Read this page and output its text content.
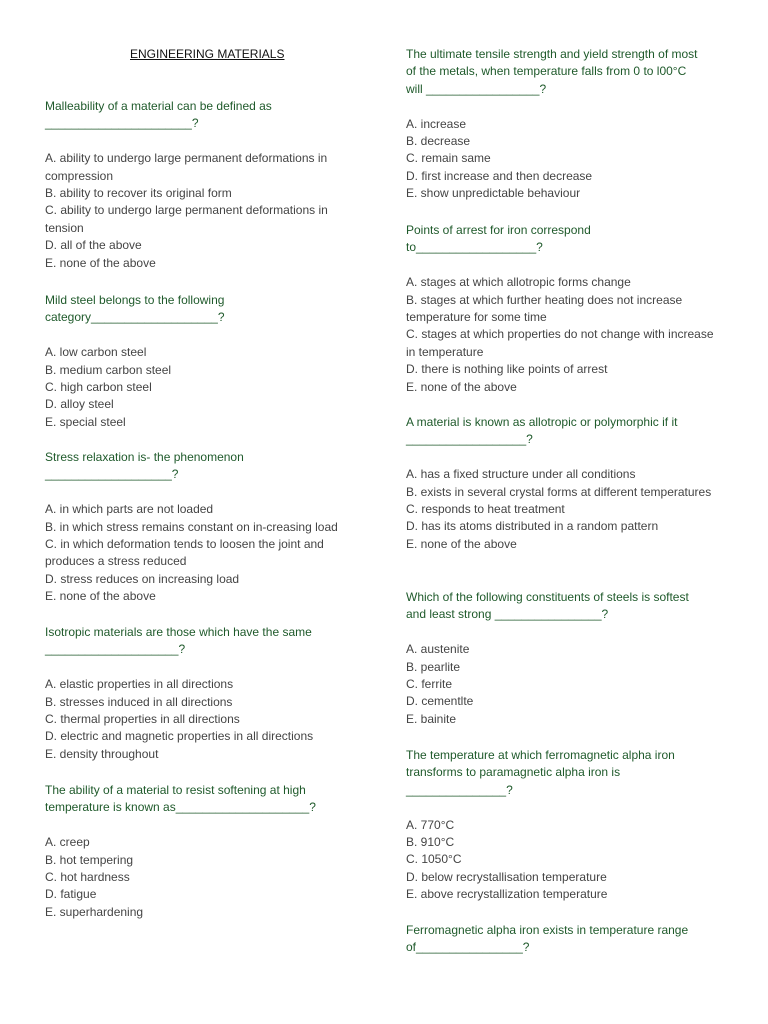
ENGINEERING MATERIALS

Malleability of a material can be defined as
______________________?

A. ability to undergo large permanent deformations in compression
B. ability to recover its original form
C. ability to undergo large permanent deformations in tension
D. all of the above
E. none of the above

Mild steel belongs to the following
category___________________?

A. low carbon steel
B. medium carbon steel
C. high carbon steel
D. alloy steel
E. special steel

Stress relaxation is- the phenomenon
___________________?

A. in which parts are not loaded
B. in which stress remains constant on in-creasing load
C. in which deformation tends to loosen the joint and produces a stress reduced
D. stress reduces on increasing load
E. none of the above

Isotropic materials are those which have the same
____________________?

A. elastic properties in all directions
B. stresses induced in all directions
C. thermal properties in all directions
D. electric and magnetic properties in all directions
E. density throughout

The ability of a material to resist softening at high
temperature is known as____________________?

A. creep
B. hot tempering
C. hot hardness
D. fatigue
E. superhardening

The ultimate tensile strength and yield strength of most
of the metals, when temperature falls from 0 to l00°C
will _________________?

A. increase
B. decrease
C. remain same
D. first increase and then decrease
E. show unpredictable behaviour

Points of arrest for iron correspond
to__________________?

A. stages at which allotropic forms change
B. stages at which further heating does not increase temperature for some time
C. stages at which properties do not change with increase in temperature
D. there is nothing like points of arrest
E. none of the above

A material is known as allotropic or polymorphic if it
__________________?

A. has a fixed structure under all conditions
B. exists in several crystal forms at different temperatures
C. responds to heat treatment
D. has its atoms distributed in a random pattern
E. none of the above

Which of the following constituents of steels is softest
and least strong ________________?

A. austenite
B. pearlite
C. ferrite
D. cementlte
E. bainite

The temperature at which ferromagnetic alpha iron
transforms to paramagnetic alpha iron is
_______________?

A. 770°C
B. 910°C
C. 1050°C
D. below recrystallisation temperature
E. above recrystallization temperature

Ferromagnetic alpha iron exists in temperature range
of________________?
